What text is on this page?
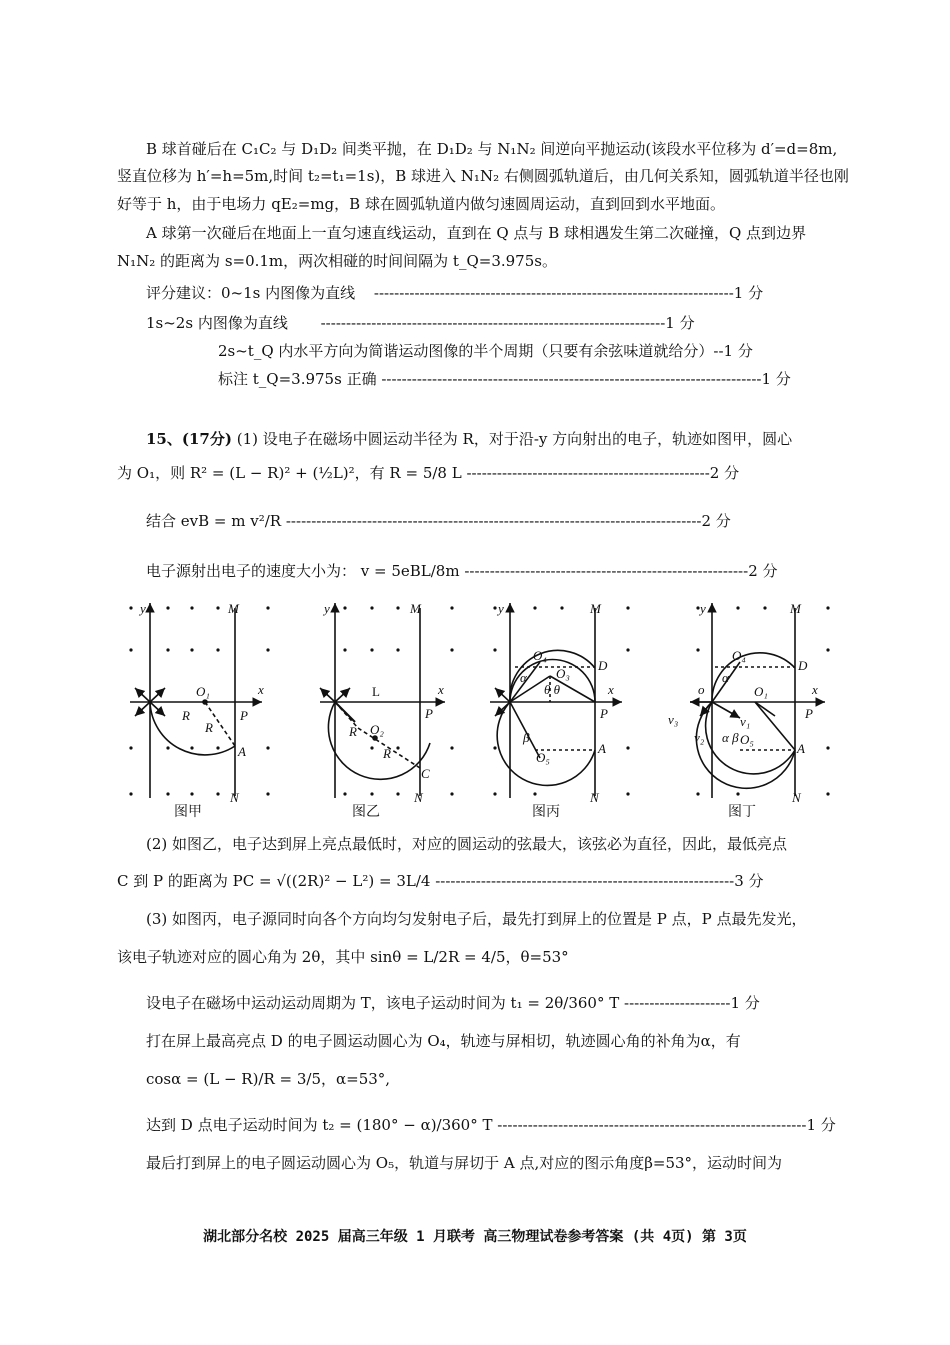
B 球首碰后在 C₁C₂ 与 D₁D₂ 间类平抛，在 D₁D₂ 与 N₁N₂ 间逆向平抛运动(该段水平位移为 d′=d=8m,
竖直位移为 h′=h=5m,时间 t₂=t₁=1s)，B 球进入 N₁N₂ 右侧圆弧轨道后，由几何关系知，圆弧轨道半径也刚
好等于 h，由于电场力 qE₂=mg，B 球在圆弧轨道内做匀速圆周运动，直到回到水平地面。
A 球第一次碰后在地面上一直匀速直线运动，直到在 Q 点与 B 球相遇发生第二次碰撞，Q 点到边界
N₁N₂ 的距离为 s=0.1m，两次相碰的时间间隔为 t_Q=3.975s。
评分建议：0~1s 内图像为直线 -----------------------------------------------------------------------1 分
1s~2s 内图像为直线 --------------------------------------------------------------------1 分
2s~t_Q 内水平方向为简谐运动图像的半个周期（只要有余弦味道就给分）--1 分
标注 t_Q=3.975s 正确 ---------------------------------------------------------------------------1 分
15、(17分) (1) 设电子在磁场中圆运动半径为 R，对于沿-y 方向射出的电子，轨迹如图甲，圆心
为 O₁，则 R² = (L − R)² + (½L)²，有 R = 5/8 L ------------------------------------------------2 分
结合 evB = m v²/R ----------------------------------------------------------------------------------2 分
电子源射出电子的速度大小为： v = 5eBL/8m --------------------------------------------------------2 分
y	M
x
o	O₁
R
R
P
A
N
图甲
y	M
x
o	L
R O₂
R
P
C
N
图乙
y	M
x
O₄
O₃
α
θ θ
D
P
β
O₅
A
N
图丙
y	M
x
O₄
α
o	O₁
D
P
v₃
v₂
v₁
α β O₅
A
N
图丁
(2) 如图乙，电子达到屏上亮点最低时，对应的圆运动的弦最大，该弦必为直径，因此，最低亮点
C 到 P 的距离为 PC = √((2R)² − L²) = 3L/4 -----------------------------------------------------------3 分
(3) 如图丙，电子源同时向各个方向均匀发射电子后，最先打到屏上的位置是 P 点，P 点最先发光，
该电子轨迹对应的圆心角为 2θ，其中 sinθ = L/2R = 4/5，θ=53°
设电子在磁场中运动运动周期为 T，该电子运动时间为 t₁ = 2θ/360° T ---------------------1 分
打在屏上最高亮点 D 的电子圆运动圆心为 O₄，轨迹与屏相切，轨迹圆心角的补角为α，有
cosα = (L − R)/R = 3/5，α=53°,
达到 D 点电子运动时间为 t₂ = (180° − α)/360° T -------------------------------------------------------------1 分
最后打到屏上的电子圆运动圆心为 O₅，轨道与屏切于 A 点,对应的图示角度β=53°，运动时间为
湖北部分名校 2025 届高三年级 1 月联考 高三物理试卷参考答案 (共 4页) 第 3页
